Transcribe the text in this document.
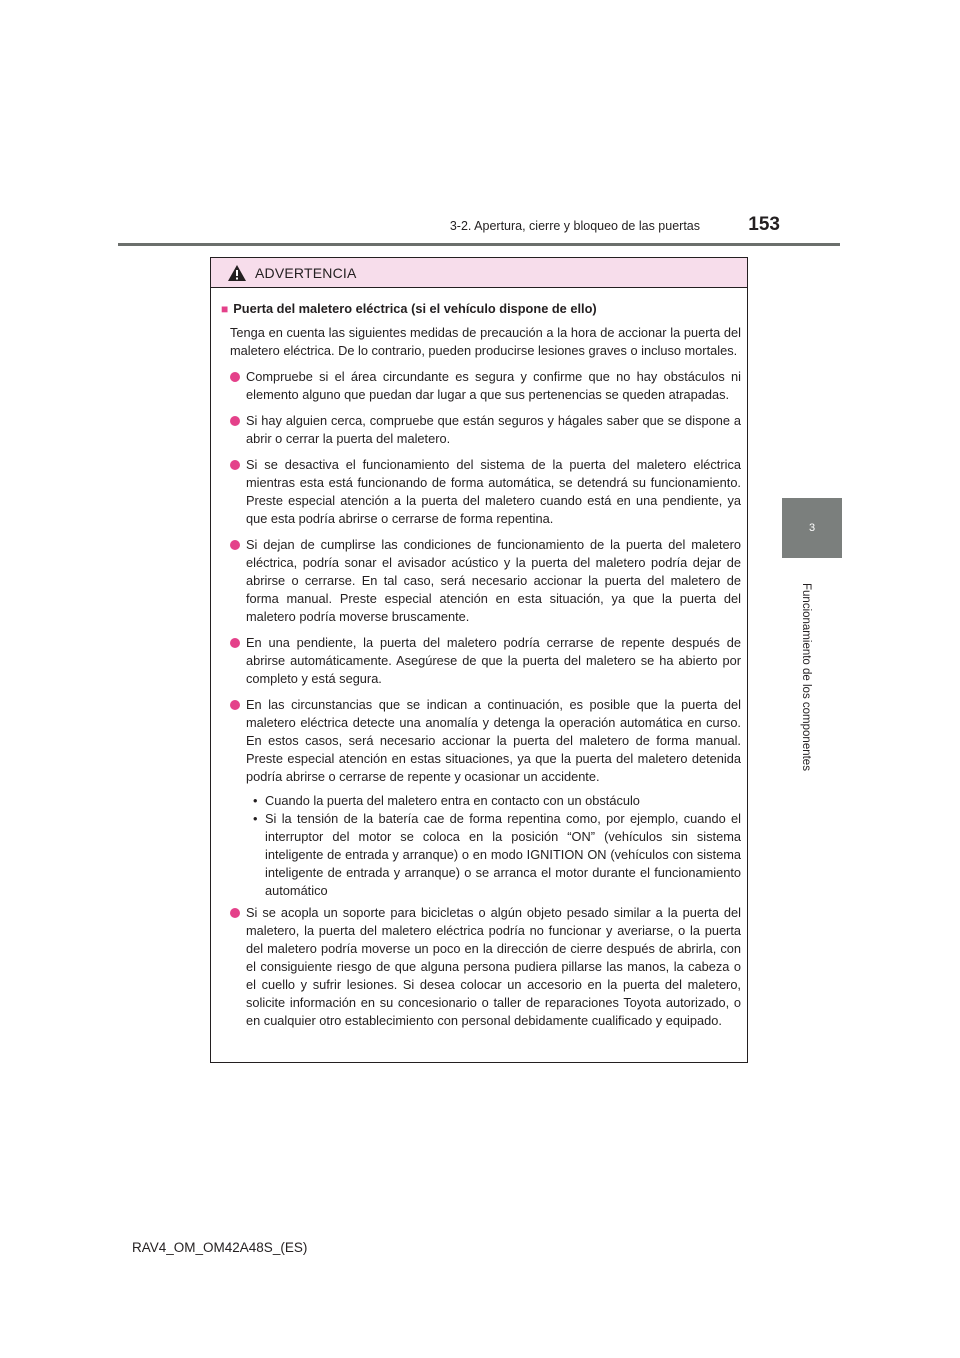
3-2. Apertura, cierre y bloqueo de las puertas	153
3
Funcionamiento de los componentes
ADVERTENCIA
■ Puerta del maletero eléctrica (si el vehículo dispone de ello)
Tenga en cuenta las siguientes medidas de precaución a la hora de accionar la puerta del maletero eléctrica. De lo contrario, pueden producirse lesiones graves o incluso mortales.
Compruebe si el área circundante es segura y confirme que no hay obstáculos ni elemento alguno que puedan dar lugar a que sus pertenencias se queden atrapadas.
Si hay alguien cerca, compruebe que están seguros y hágales saber que se dispone a abrir o cerrar la puerta del maletero.
Si se desactiva el funcionamiento del sistema de la puerta del maletero eléctrica mientras esta está funcionando de forma automática, se detendrá su funcionamiento. Preste especial atención a la puerta del maletero cuando está en una pendiente, ya que esta podría abrirse o cerrarse de forma repentina.
Si dejan de cumplirse las condiciones de funcionamiento de la puerta del maletero eléctrica, podría sonar el avisador acústico y la puerta del maletero podría dejar de abrirse o cerrarse. En tal caso, será necesario accionar la puerta del maletero de forma manual. Preste especial atención en esta situación, ya que la puerta del maletero podría moverse bruscamente.
En una pendiente, la puerta del maletero podría cerrarse de repente después de abrirse automáticamente. Asegúrese de que la puerta del maletero se ha abierto por completo y está segura.
En las circunstancias que se indican a continuación, es posible que la puerta del maletero eléctrica detecte una anomalía y detenga la operación automática en curso. En estos casos, será necesario accionar la puerta del maletero de forma manual. Preste especial atención en estas situaciones, ya que la puerta del maletero detenida podría abrirse o cerrarse de repente y ocasionar un accidente.
• Cuando la puerta del maletero entra en contacto con un obstáculo
• Si la tensión de la batería cae de forma repentina como, por ejemplo, cuando el interruptor del motor se coloca en la posición “ON” (vehículos sin sistema inteligente de entrada y arranque) o en modo IGNITION ON (vehículos con sistema inteligente de entrada y arranque) o se arranca el motor durante el funcionamiento automático
Si se acopla un soporte para bicicletas o algún objeto pesado similar a la puerta del maletero, la puerta del maletero eléctrica podría no funcionar y averiarse, o la puerta del maletero podría moverse un poco en la dirección de cierre después de abrirla, con el consiguiente riesgo de que alguna persona pudiera pillarse las manos, la cabeza o el cuello y sufrir lesiones. Si desea colocar un accesorio en la puerta del maletero, solicite información en su concesionario o taller de reparaciones Toyota autorizado, o en cualquier otro establecimiento con personal debidamente cualificado y equipado.
RAV4_OM_OM42A48S_(ES)
